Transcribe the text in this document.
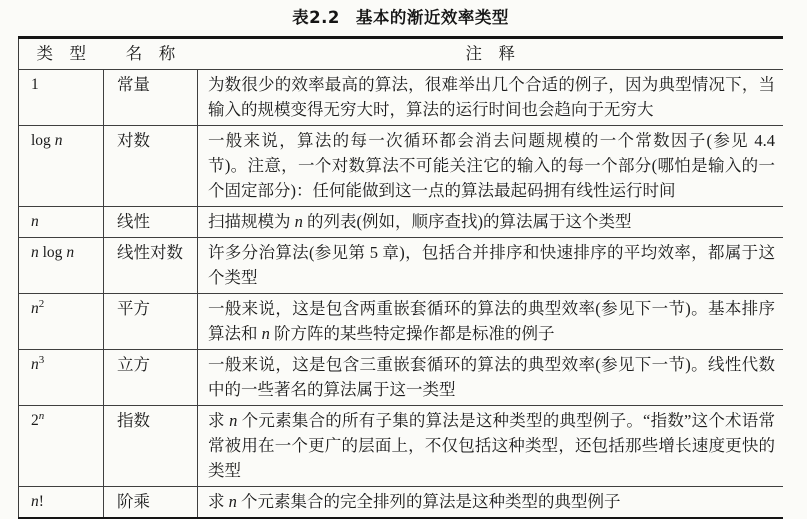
表2.2 基本的渐近效率类型
类　型	名　称	注　释
1	常量	为数很少的效率最高的算法，很难举出几个合适的例子，因为典型情况下，当输入的规模变得无穷大时，算法的运行时间也会趋向于无穷大
log n	对数	一般来说，算法的每一次循环都会消去问题规模的一个常数因子(参见 4.4 节)。注意，一个对数算法不可能关注它的输入的每一个部分(哪怕是输入的一个固定部分)：任何能做到这一点的算法最起码拥有线性运行时间
n	线性	扫描规模为 n 的列表(例如，顺序查找)的算法属于这个类型
n log n	线性对数	许多分治算法(参见第 5 章)，包括合并排序和快速排序的平均效率，都属于这个类型
$n^2$	平方	一般来说，这是包含两重嵌套循环的算法的典型效率(参见下一节)。基本排序算法和 n 阶方阵的某些特定操作都是标准的例子
$n^3$	立方	一般来说，这是包含三重嵌套循环的算法的典型效率(参见下一节)。线性代数中的一些著名的算法属于这一类型
2$^n$	指数	求 n 个元素集合的所有子集的算法是这种类型的典型例子。“指数”这个术语常常被用在一个更广的层面上，不仅包括这种类型，还包括那些增长速度更快的类型
n!	阶乘	求 n 个元素集合的完全排列的算法是这种类型的典型例子
